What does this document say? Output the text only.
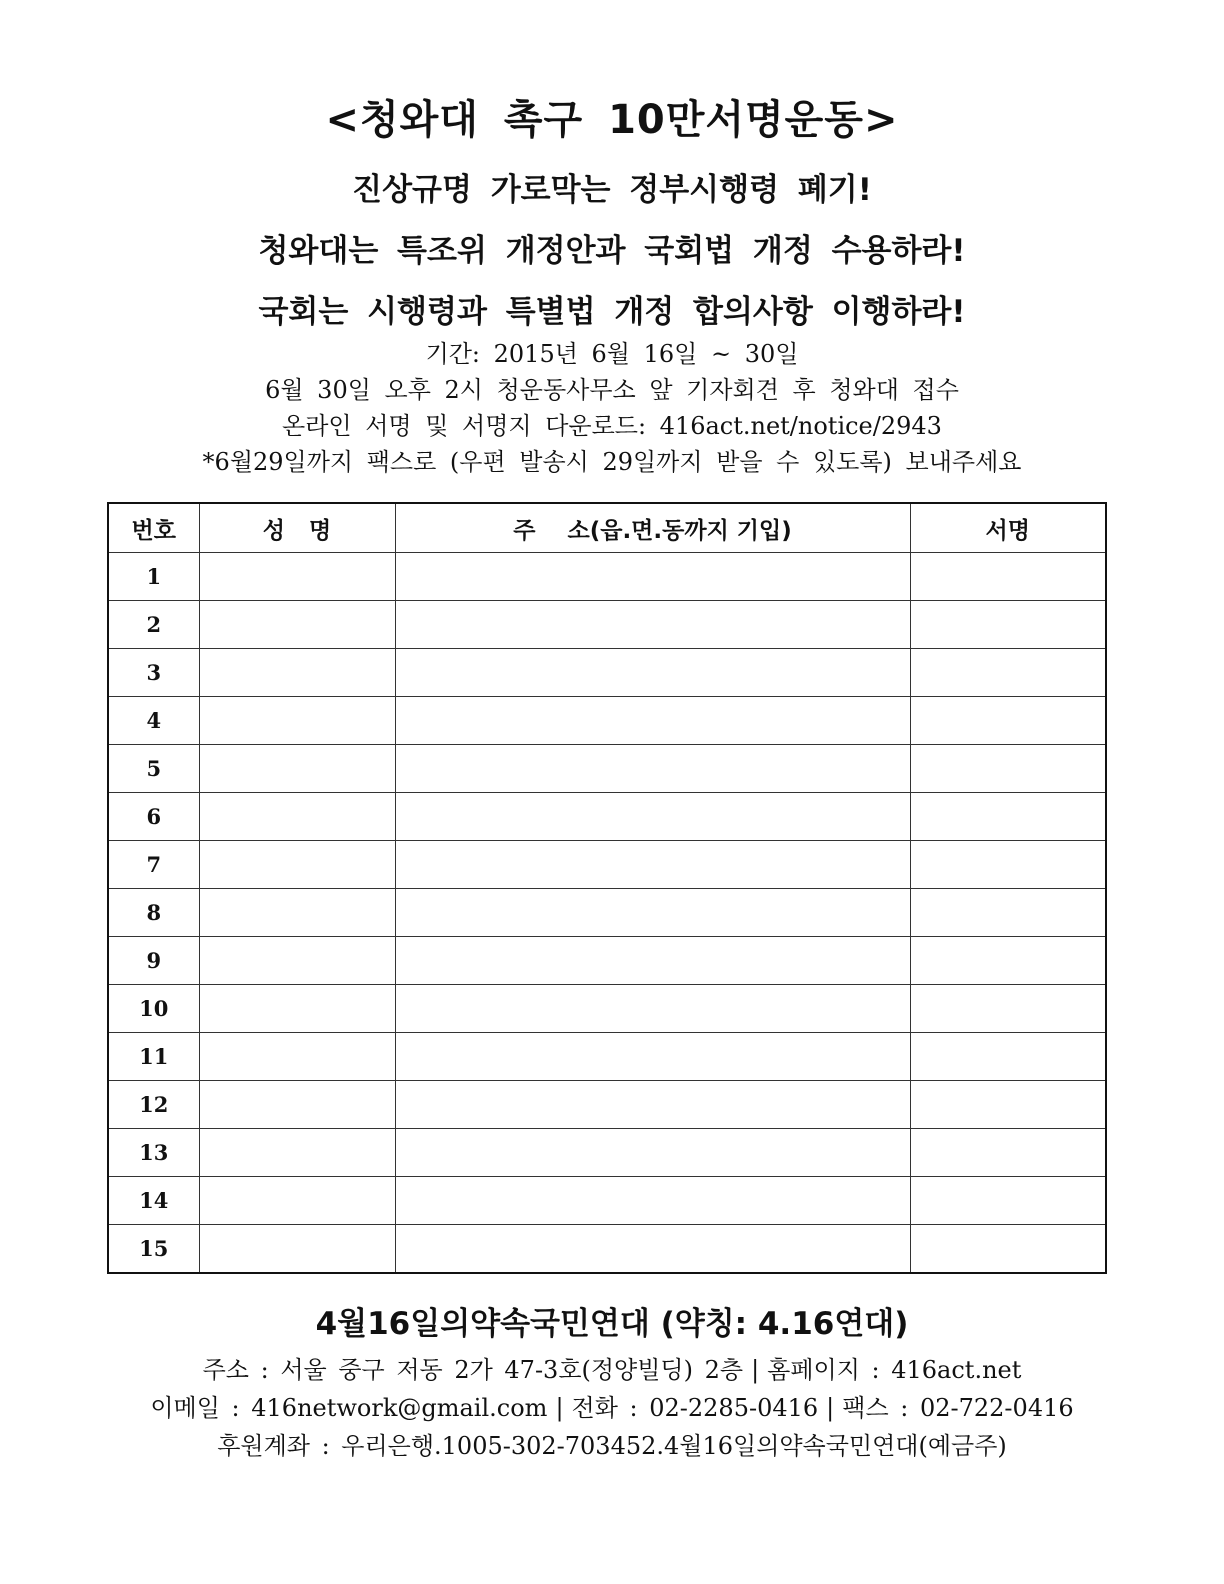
<청와대 촉구 10만서명운동>
진상규명 가로막는 정부시행령 폐기!
청와대는 특조위 개정안과 국회법 개정 수용하라!
국회는 시행령과 특별법 개정 합의사항 이행하라!
기간: 2015년 6월 16일 ~ 30일
6월 30일 오후 2시 청운동사무소 앞 기자회견 후 청와대 접수
온라인 서명 및 서명지 다운로드: 416act.net/notice/2943
*6월29일까지 팩스로 (우편 발송시 29일까지 받을 수 있도록) 보내주세요
번호	성   명	주    소(읍.면.동까지 기입)	서명
1			
2			
3			
4			
5			
6			
7			
8			
9			
10			
11			
12			
13			
14			
15			
4월16일의약속국민연대 (약칭: 4.16연대)
주소 : 서울 중구 저동 2가 47-3호(정양빌딩) 2층 | 홈페이지 : 416act.net
이메일 : 416network@gmail.com | 전화 : 02-2285-0416 | 팩스 : 02-722-0416
후원계좌 : 우리은행.1005-302-703452.4월16일의약속국민연대(예금주)
